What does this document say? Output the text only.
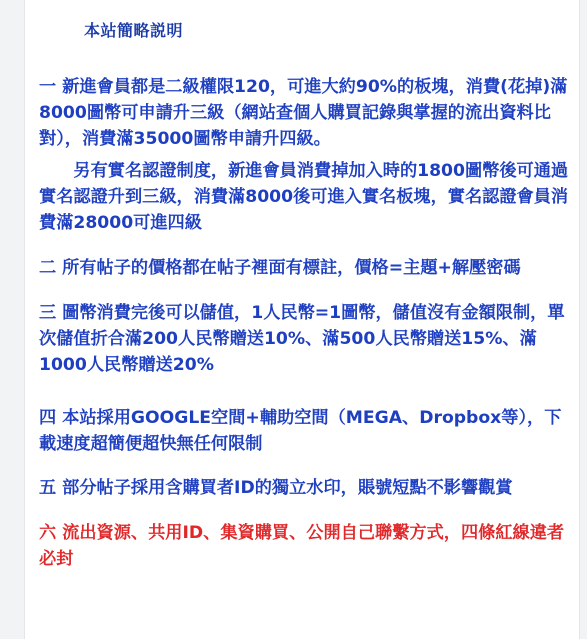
本站簡略説明

一 新進會員都是二級權限120，可進大約90%的板塊，消費(花掉)滿8000圖幣可申請升三級（網站查個人購買記錄與掌握的流出資料比對），消費滿35000圖幣申請升四級。

另有實名認證制度，新進會員消費掉加入時的1800圖幣後可通過實名認證升到三級，消費滿8000後可進入實名板塊，實名認證會員消費滿28000可進四級

二 所有帖子的價格都在帖子裡面有標註，價格=主題+解壓密碼

三 圖幣消費完後可以儲值，1人民幣=1圖幣，儲值沒有金額限制，單次儲值折合滿200人民幣贈送10%、滿500人民幣贈送15%、滿1000人民幣贈送20%

四 本站採用GOOGLE空間+輔助空間（MEGA、Dropbox等），下載速度超簡便超快無任何限制

五 部分帖子採用含購買者ID的獨立水印，賬號短點不影響觀賞

六 流出資源、共用ID、集資購買、公開自己聯繫方式，四條紅線違者必封
